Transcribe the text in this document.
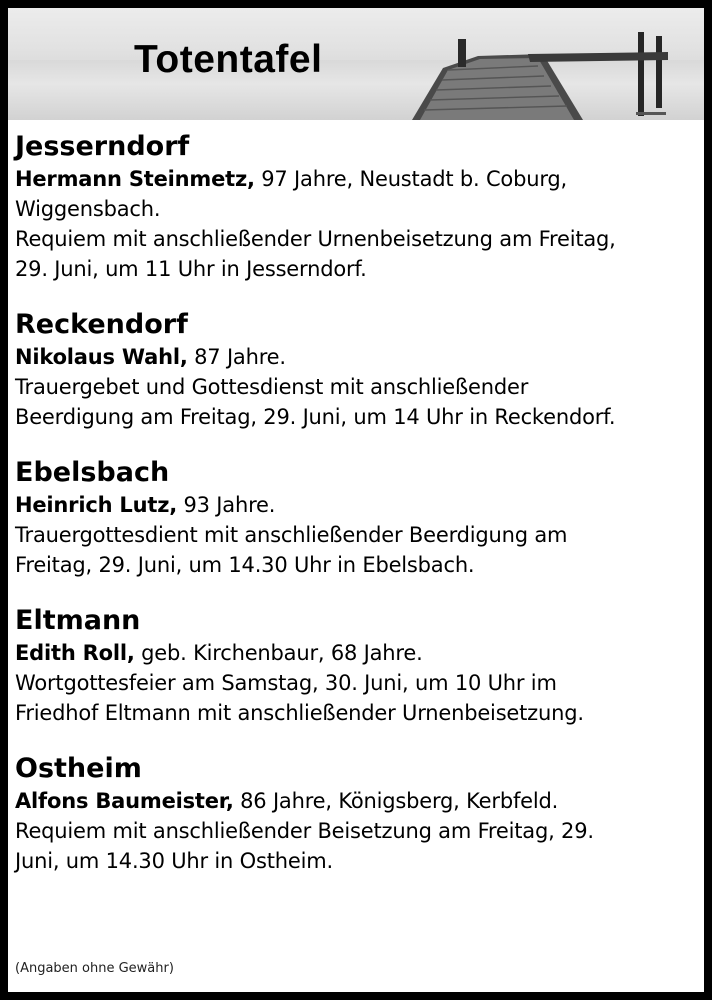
Totentafel
Jesserndorf

Hermann Steinmetz, 97 Jahre, Neustadt b. Coburg,

Wiggensbach.

Requiem mit anschließender Urnenbeisetzung am Freitag,

29. Juni, um 11 Uhr in Jesserndorf.

Reckendorf

Nikolaus Wahl, 87 Jahre.

Trauergebet und Gottesdienst mit anschließender

Beerdigung am Freitag, 29. Juni, um 14 Uhr in Reckendorf.

Ebelsbach

Heinrich Lutz, 93 Jahre.

Trauergottesdient mit anschließender Beerdigung am

Freitag, 29. Juni, um 14.30 Uhr in Ebelsbach.

Eltmann

Edith Roll, geb. Kirchenbaur, 68 Jahre.

Wortgottesfeier am Samstag, 30. Juni, um 10 Uhr im

Friedhof Eltmann mit anschließender Urnenbeisetzung.

Ostheim

Alfons Baumeister, 86 Jahre, Königsberg, Kerbfeld.

Requiem mit anschließender Beisetzung am Freitag, 29.

Juni, um 14.30 Uhr in Ostheim.

(Angaben ohne Gewähr)
